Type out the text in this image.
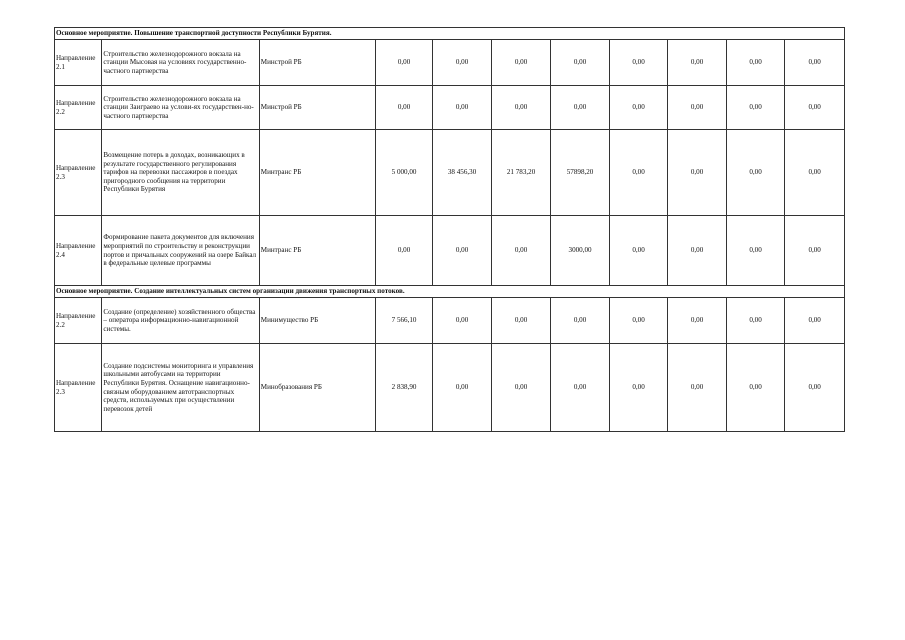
Основное мероприятие. Повышение транспортной доступности Республики Бурятия.										
Направление 2.1	Строительство железнодорожного вокзала на станции Мысовая на условиях государственно-частного партнерства	Минстрой РБ	0,00	0,00	0,00	0,00	0,00	0,00	0,00	0,00
Направление 2.2	Строительство железнодорожного вокзала на станции Заиграево на услови-ях государствен-но-частного партнерства	Минстрой РБ	0,00	0,00	0,00	0,00	0,00	0,00	0,00	0,00
Направление 2.3	Возмещение потерь в доходах, возникающих в результате государственного регулирования тарифов на перевозки пассажиров в поездах пригородного сообщения на территории Республики Бурятия	Минтранс РБ	5 000,00	38 456,30	21 783,20	57898,20	0,00	0,00	0,00	0,00
Направление 2.4	Формирование пакета документов для включения мероприятий по строительству и реконструкции портов и причальных сооружений на озере Байкал в федеральные целевые программы	Минтранс РБ	0,00	0,00	0,00	3000,00	0,00	0,00	0,00	0,00
Основное мероприятие. Создание интеллектуальных систем организации движения транспортных потоков.										
Направление 2.2	Создание (определение) хозяйственного общества – оператора информационно-навигационной системы.	Минимущество РБ	7 566,10	0,00	0,00	0,00	0,00	0,00	0,00	0,00
Направление 2.3	Создание подсистемы мониторинга и управления школьными автобусами на территории Республики Бурятия. Оснащение навигационно-связным оборудованием автотранспортных средств, используемых при осуществлении перевозок детей	Минобразования РБ	2 838,90	0,00	0,00	0,00	0,00	0,00	0,00	0,00
